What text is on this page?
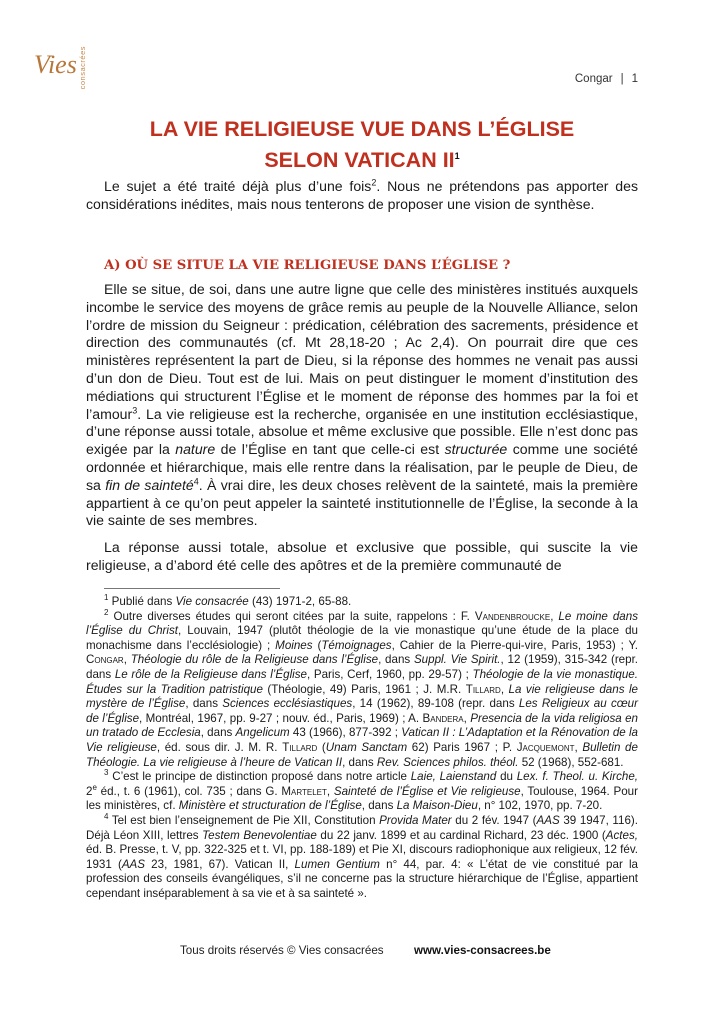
Vies consacrées	Congar | 1
LA VIE RELIGIEUSE VUE DANS L’ÉGLISE
SELON VATICAN $II^1$

Le sujet a été traité déjà plus d’une fois$^2$. Nous ne prétendons pas apporter des considérations inédites, mais nous tenterons de proposer une vision de synthèse.

A) OÙ SE SITUE LA VIE RELIGIEUSE DANS L’ÉGLISE ?

Elle se situe, de soi, dans une autre ligne que celle des ministères institués auxquels incombe le service des moyens de grâce remis au peuple de la Nouvelle Alliance, selon l’ordre de mission du Seigneur : prédication, célébration des sacrements, présidence et direction des communautés (cf. Mt 28,18-20 ; Ac 2,4). On pourrait dire que ces ministères représentent la part de Dieu, si la réponse des hommes ne venait pas aussi d’un don de Dieu. Tout est de lui. Mais on peut distinguer le moment d’institution des médiations qui structurent l’Église et le moment de réponse des hommes par la foi et l’amour$^3$. La vie religieuse est la recherche, organisée en une institution ecclésiastique, d’une réponse aussi totale, absolue et même exclusive que possible. Elle n’est donc pas exigée par la nature de l’Église en tant que celle-ci est structurée comme une société ordonnée et hiérarchique, mais elle rentre dans la réalisation, par le peuple de Dieu, de sa fin de sainteté$^4$. À vrai dire, les deux choses relèvent de la sainteté, mais la première appartient à ce qu’on peut appeler la sainteté institutionnelle de l’Église, la seconde à la vie sainte de ses membres.

La réponse aussi totale, absolue et exclusive que possible, qui suscite la vie religieuse, a d’abord été celle des apôtres et de la première communauté de

$^1$ Publié dans Vie consacrée (43) 1971-2, 65-88.

$^2$ Outre diverses études qui seront citées par la suite, rappelons : F. Vandenbroucke, Le moine dans l’Église du Christ, Louvain, 1947 (plutôt théologie de la vie monastique qu’une étude de la place du monachisme dans l’ecclésiologie) ; Moines (Témoignages, Cahier de la Pierre-qui-vire, Paris, 1953) ; Y. Congar, Théologie du rôle de la Religieuse dans l’Église, dans Suppl. Vie Spirit., 12 (1959), 315-342 (repr. dans Le rôle de la Religieuse dans l’Église, Paris, Cerf, 1960, pp. 29-57) ; Théologie de la vie monastique. Études sur la Tradition patristique (Théologie, 49) Paris, 1961 ; J. M.R. Tillard, La vie religieuse dans le mystère de l’Église, dans Sciences ecclésiastiques, 14 (1962), 89-108 (repr. dans Les Religieux au cœur de l’Église, Montréal, 1967, pp. 9-27 ; nouv. éd., Paris, 1969) ; A. Bandera, Presencia de la vida religiosa en un tratado de Ecclesia, dans Angelicum 43 (1966), 877-392 ; Vatican II : L’Adaptation et la Rénovation de la Vie religieuse, éd. sous dir. J. M. R. Tillard (Unam Sanctam 62) Paris 1967 ; P. Jacquemont, Bulletin de Théologie. La vie religieuse à l’heure de Vatican II, dans Rev. Sciences philos. théol. 52 (1968), 552-681.

$^3$ C’est le principe de distinction proposé dans notre article Laie, Laienstand du Lex. f. Theol. u. Kirche, 2e éd., t. 6 (1961), col. 735 ; dans G. Martelet, Sainteté de l’Église et Vie religieuse, Toulouse, 1964. Pour les ministères, cf. Ministère et structuration de l’Église, dans La Maison-Dieu, n° 102, 1970, pp. 7-20.

$^4$ Tel est bien l’enseignement de Pie XII, Constitution Provida Mater du 2 fév. 1947 (AAS 39 1947, 116). Déjà Léon XIII, lettres Testem Benevolentiae du 22 janv. 1899 et au cardinal Richard, 23 déc. 1900 (Actes, éd. B. Presse, t. V, pp. 322-325 et t. VI, pp. 188-189) et Pie XI, discours radiophonique aux religieux, 12 fév. 1931 (AAS 23, 1981, 67). Vatican II, Lumen Gentium n° 44, par. 4: « L’état de vie constitué par la profession des conseils évangéliques, s’il ne concerne pas la structure hiérarchique de l’Église, appartient cependant inséparablement à sa vie et à sa sainteté ».

Tous droits réservés © Vies consacrées	www.vies-consacrees.be
